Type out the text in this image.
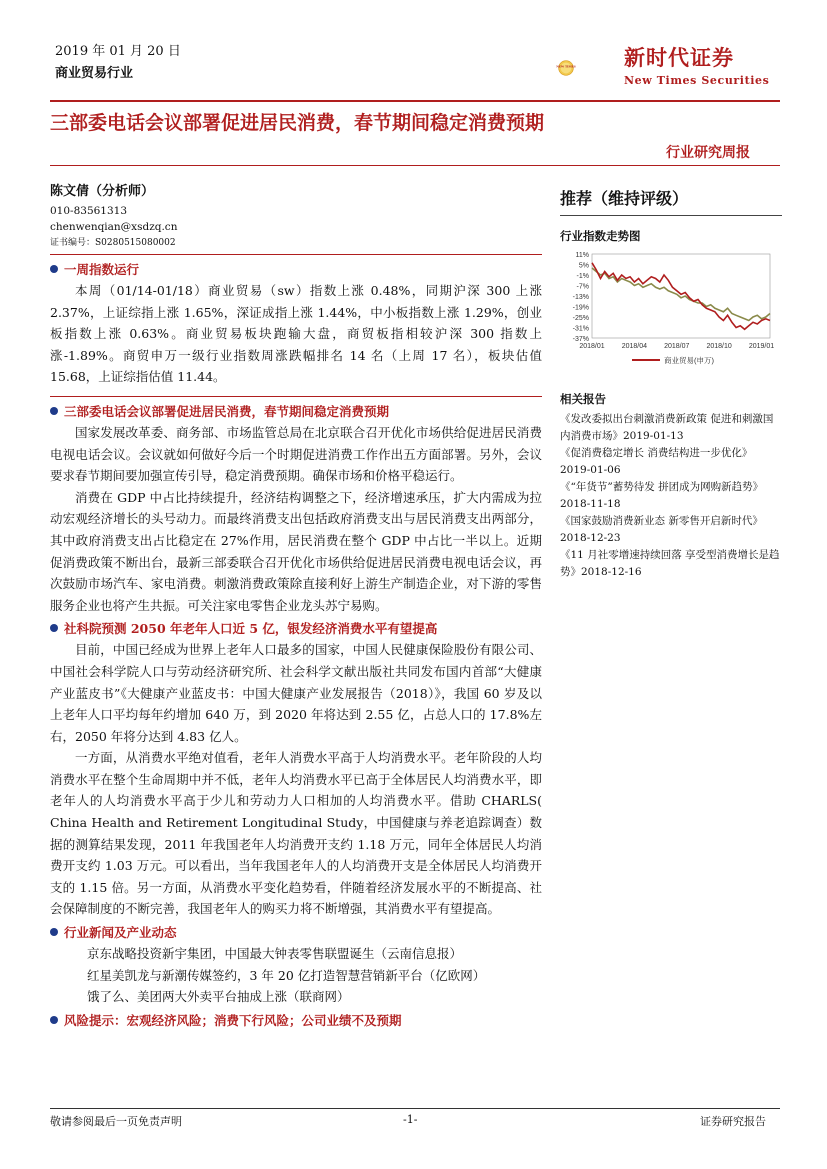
2019 年 01 月 20 日
商业贸易行业	NEW TIMES 新时代证券
New Times Securities
三部委电话会议部署促进居民消费，春节期间稳定消费预期
行业研究周报
陈文倩（分析师）
010-83561313
chenwenqian@xsdzq.cn
证书编号：S0280515080002
一周指数运行

本周（01/14-01/18）商业贸易（sw）指数上涨 0.48%，同期沪深 300 上涨 2.37%，上证综指上涨 1.65%，深证成指上涨 1.44%，中小板指数上涨 1.29%，创业板指数上涨 0.63%。商业贸易板块跑输大盘，商贸板指相较沪深 300 指数上涨-1.89%。商贸申万一级行业指数周涨跌幅排名 14 名（上周 17 名），板块估值 15.68，上证综指估值 11.44。

三部委电话会议部署促进居民消费，春节期间稳定消费预期

国家发展改革委、商务部、市场监管总局在北京联合召开优化市场供给促进居民消费电视电话会议。会议就如何做好今后一个时期促进消费工作作出五方面部署。另外，会议要求春节期间要加强宣传引导，稳定消费预期。确保市场和价格平稳运行。

消费在 GDP 中占比持续提升，经济结构调整之下，经济增速承压，扩大内需成为拉动宏观经济增长的头号动力。而最终消费支出包括政府消费支出与居民消费支出两部分，其中政府消费支出占比稳定在 27%作用，居民消费在整个 GDP 中占比一半以上。近期促消费政策不断出台，最新三部委联合召开优化市场供给促进居民消费电视电话会议，再次鼓励市场汽车、家电消费。刺激消费政策除直接利好上游生产制造企业，对下游的零售服务企业也将产生共振。可关注家电零售企业龙头苏宁易购。

社科院预测 2050 年老年人口近 5 亿，银发经济消费水平有望提高

目前，中国已经成为世界上老年人口最多的国家，中国人民健康保险股份有限公司、中国社会科学院人口与劳动经济研究所、社会科学文献出版社共同发布国内首部“大健康产业蓝皮书”《大健康产业蓝皮书：中国大健康产业发展报告（2018）》，我国 60 岁及以上老年人口平均每年约增加 640 万，到 2020 年将达到 2.55 亿，占总人口的 17.8%左右，2050 年将分达到 4.83 亿人。

一方面，从消费水平绝对值看，老年人消费水平高于人均消费水平。老年阶段的人均消费水平在整个生命周期中并不低，老年人均消费水平已高于全体居民人均消费水平，即老年人的人均消费水平高于少儿和劳动力人口相加的人均消费水平。借助 CHARLS( China Health and Retirement Longitudinal Study，中国健康与养老追踪调查）数据的测算结果发现，2011 年我国老年人均消费开支约 1.18 万元，同年全体居民人均消费开支约 1.03 万元。可以看出，当年我国老年人的人均消费开支是全体居民人均消费开支的 1.15 倍。另一方面，从消费水平变化趋势看，伴随着经济发展水平的不断提高、社会保障制度的不断完善，我国老年人的购买力将不断增强，其消费水平有望提高。

行业新闻及产业动态

京东战略投资新宇集团，中国最大钟表零售联盟诞生（云南信息报）

红星美凯龙与新潮传媒签约，3 年 20 亿打造智慧营销新平台（亿欧网）

饿了么、美团两大外卖平台抽成上涨（联商网）

风险提示：宏观经济风险；消费下行风险；公司业绩不及预期
推荐（维持评级）
行业指数走势图
11%
5%
-1%
-7%
-13%
-19%
-25%
-31%
-37%
2018/01 2018/04 2018/07 2018/10 2019/01
商业贸易(申万)
相关报告
《发改委拟出台刺激消费新政策 促进和刺激国内消费市场》2019-01-13
《促消费稳定增长 消费结构进一步优化》2019-01-06
《“年货节”蓄势待发 拼团成为网购新趋势》2018-11-18
《国家鼓励消费新业态 新零售开启新时代》2018-12-23
《11 月社零增速持续回落 享受型消费增长是趋势》2018-12-16
敬请参阅最后一页免责声明	-1-	证券研究报告
